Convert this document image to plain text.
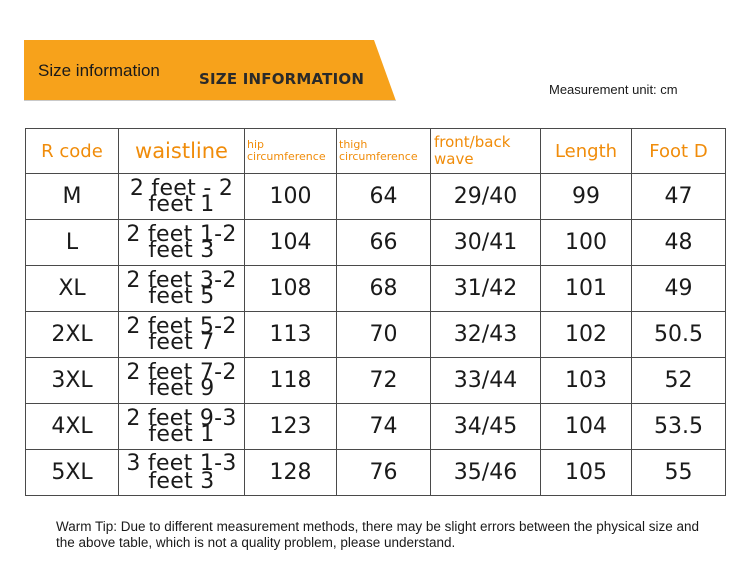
Size information	SIZE INFORMATION
Measurement unit: cm
R code	waistline	hip circumference	thigh circumference	front/back wave	Length	Foot D
M	2 feet - 2 feet 1	100	64	29/40	99	47
L	2 feet 1-2 feet 3	104	66	30/41	100	48
XL	2 feet 3-2 feet 5	108	68	31/42	101	49
2XL	2 feet 5-2 feet 7	113	70	32/43	102	50.5
3XL	2 feet 7-2 feet 9	118	72	33/44	103	52
4XL	2 feet 9-3 feet 1	123	74	34/45	104	53.5
5XL	3 feet 1-3 feet 3	128	76	35/46	105	55
Warm Tip: Due to different measurement methods, there may be slight errors between the physical size and the above table, which is not a quality problem, please understand.
